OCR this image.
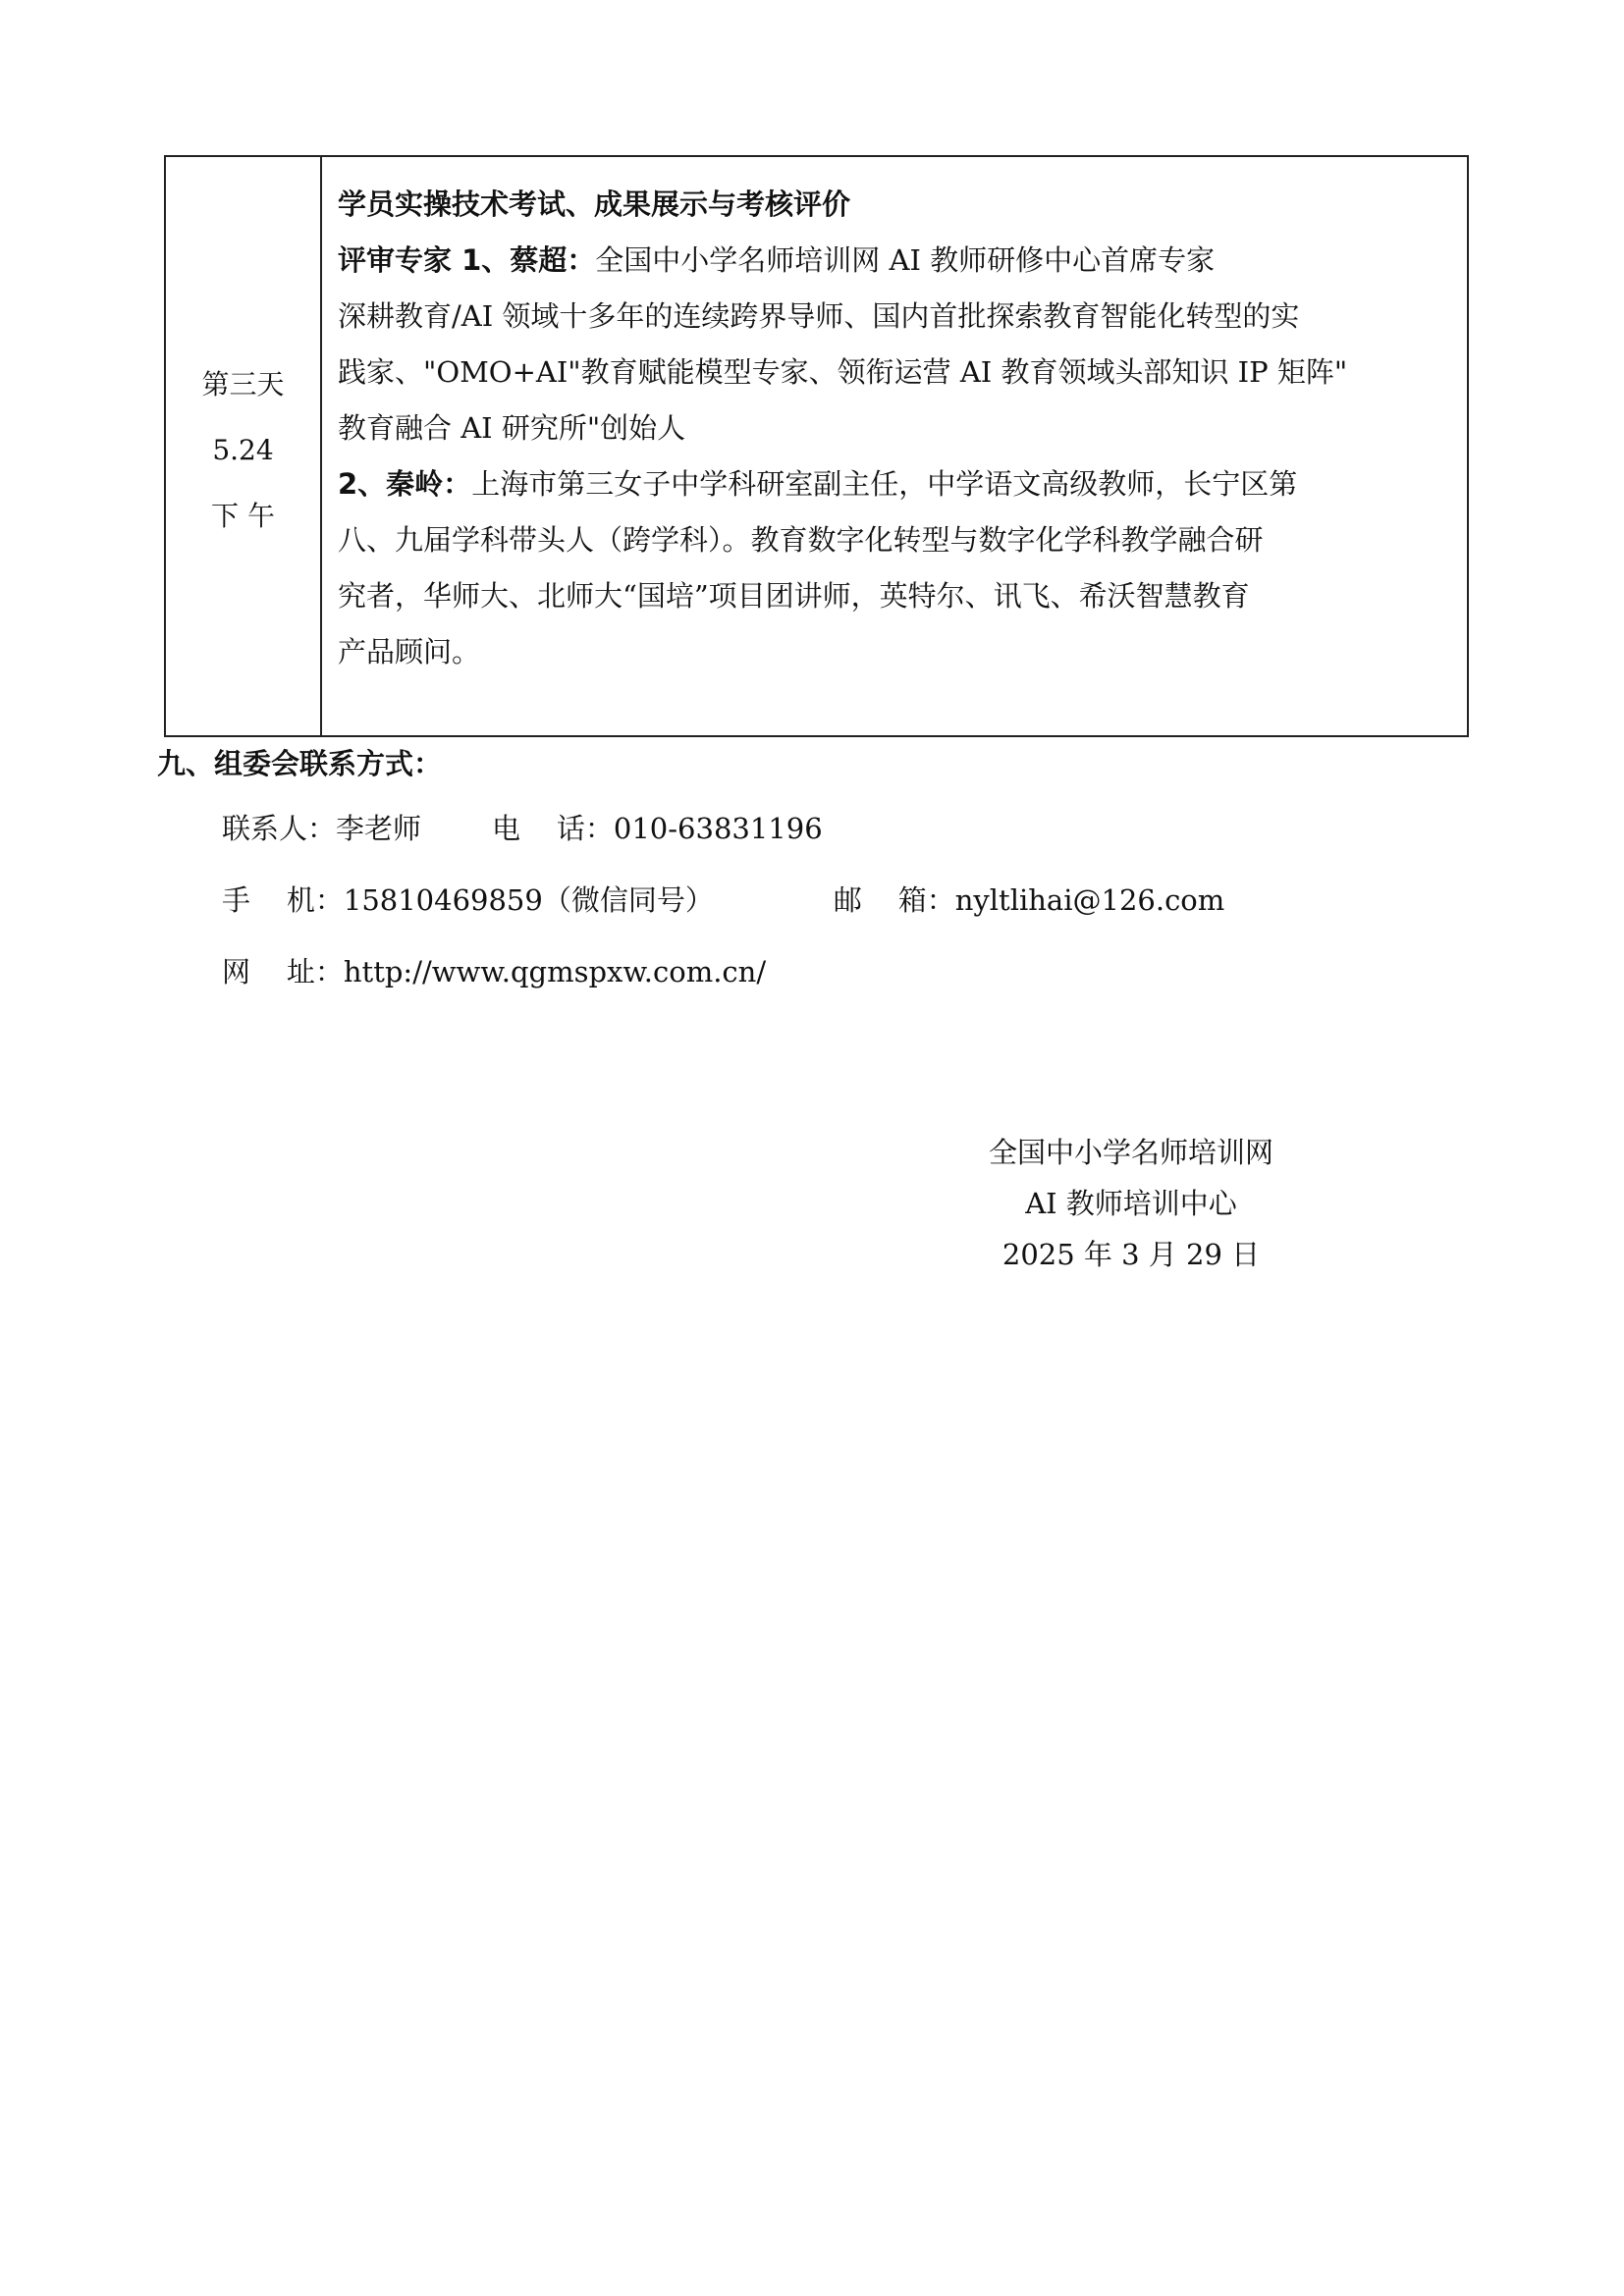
第三天
5.24
下 午

学员实操技术考试、成果展示与考核评价

评审专家 1、蔡超：全国中小学名师培训网 AI 教师研修中心首席专家

深耕教育/AI 领域十多年的连续跨界导师、国内首批探索教育智能化转型的实

践家、"OMO+AI"教育赋能模型专家、领衔运营 AI 教育领域头部知识 IP 矩阵"

教育融合 AI 研究所"创始人

2、秦岭：上海市第三女子中学科研室副主任，中学语文高级教师，长宁区第

八、九届学科带头人（跨学科）。教育数字化转型与数字化学科教学融合研

究者，华师大、北师大“国培”项目团讲师，英特尔、讯飞、希沃智慧教育

产品顾问。

九、组委会联系方式：

联系人：李老师 电    话：010-63831196
手    机：15810469859（微信同号）	邮    箱：nyltlihai@126.com
网    址：http://www.qgmspxw.com.cn/
全国中小学名师培训网
AI 教师培训中心
2025 年 3 月 29 日
